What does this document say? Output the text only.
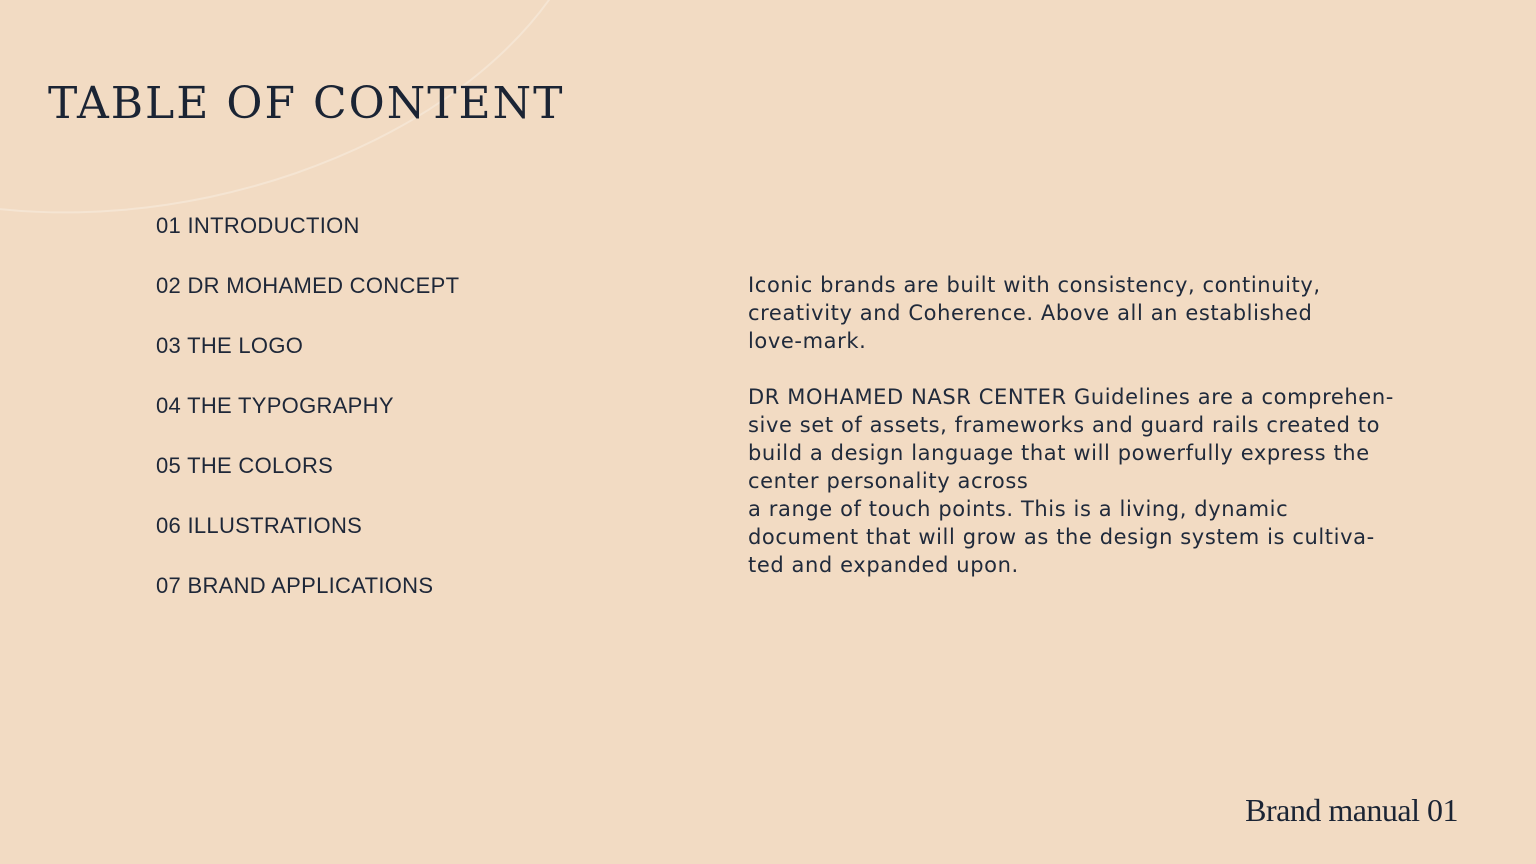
TABLE OF CONTENT
01 INTRODUCTION
02 DR MOHAMED CONCEPT
03 THE LOGO
04 THE TYPOGRAPHY
05 THE COLORS
06 ILLUSTRATIONS
07 BRAND APPLICATIONS

Iconic brands are built with consistency, continuity,
creativity and Coherence. Above all an established
love-mark.

DR MOHAMED NASR CENTER Guidelines are a comprehen-
sive set of assets, frameworks and guard rails created to
build a design language that will powerfully express the
center personality across
a range of touch points. This is a living, dynamic
document that will grow as the design system is cultiva-
ted and expanded upon.

Brand manual 01
